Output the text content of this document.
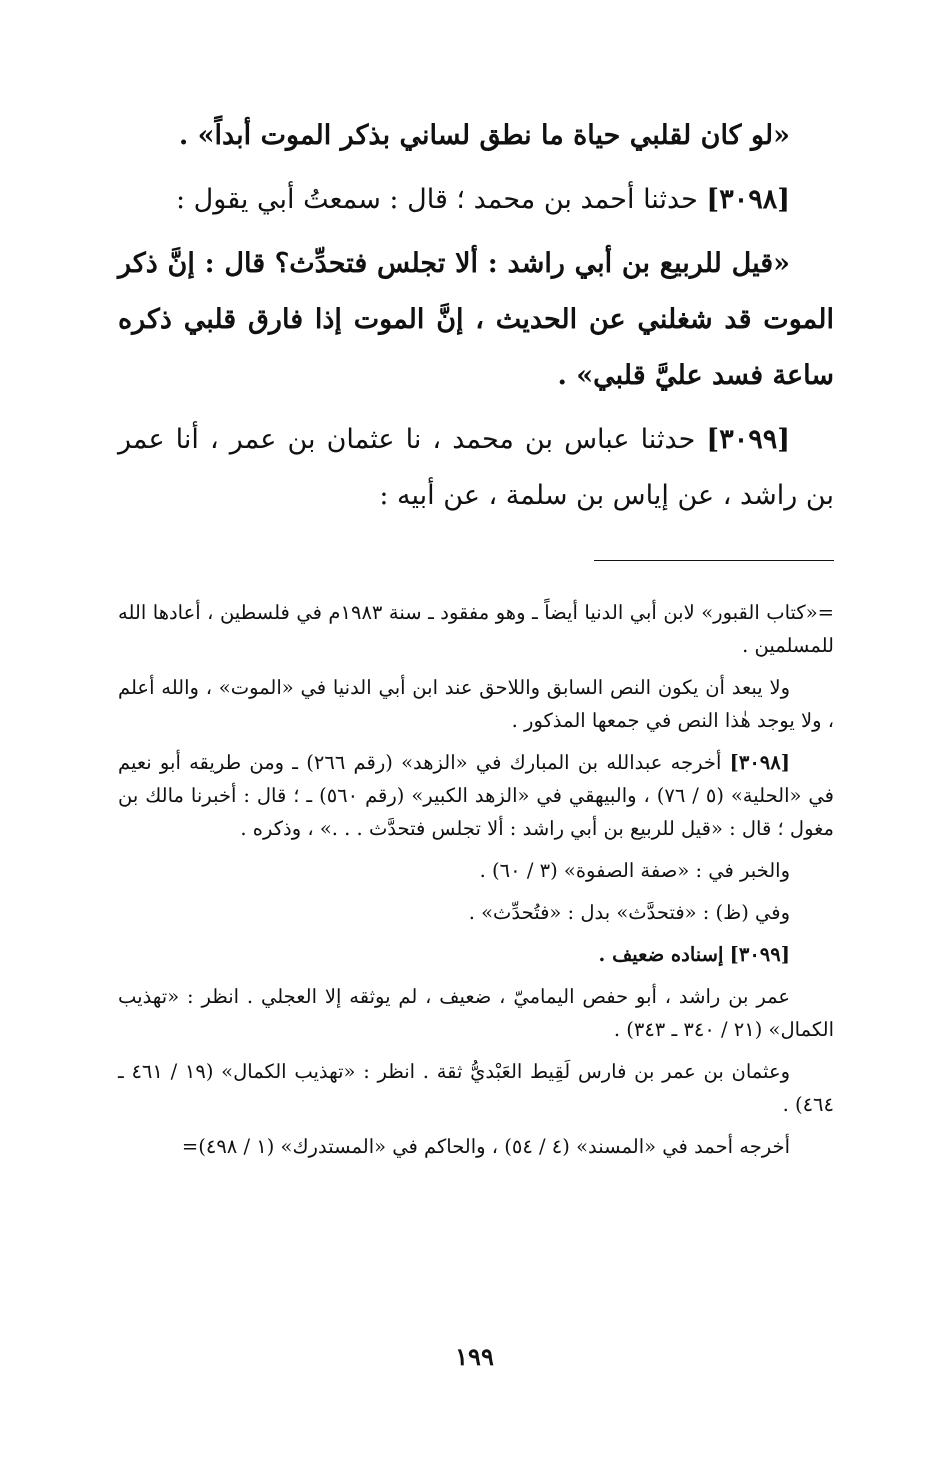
«لو كان لقلبي حياة ما نطق لساني بذكر الموت أبداً» .

[٣٠٩٨] حدثنا أحمد بن محمد ؛ قال : سمعتُ أبي يقول :

«قيل للربيع بن أبي راشد : ألا تجلس فتحدِّث؟ قال : إنَّ ذكر الموت قد شغلني عن الحديث ، إنَّ الموت إذا فارق قلبي ذكره ساعة فسد عليَّ قلبي» .

[٣٠٩٩] حدثنا عباس بن محمد ، نا عثمان بن عمر ، أنا عمر بن راشد ، عن إياس بن سلمة ، عن أبيه :

=«كتاب القبور» لابن أبي الدنيا أيضاً ـ وهو مفقود ـ سنة ١٩٨٣م في فلسطين ، أعادها الله للمسلمين .

ولا يبعد أن يكون النص السابق واللاحق عند ابن أبي الدنيا في «الموت» ، والله أعلم ، ولا يوجد هٰذا النص في جمعها المذكور .

[٣٠٩٨] أخرجه عبدالله بن المبارك في «الزهد» (رقم ٢٦٦) ـ ومن طريقه أبو نعيم في «الحلية» (٥ / ٧٦) ، والبيهقي في «الزهد الكبير» (رقم ٥٦٠) ـ ؛ قال : أخبرنا مالك بن مغول ؛ قال : «قيل للربيع بن أبي راشد : ألا تجلس فتحدَّث . . .» ، وذكره .

والخبر في : «صفة الصفوة» (٣ / ٦٠) .

وفي (ظ) : «فتحدَّث» بدل : «فتُحدِّث» .

[٣٠٩٩] إسناده ضعيف .

عمر بن راشد ، أبو حفص اليماميّ ، ضعيف ، لم يوثقه إلا العجلي . انظر : «تهذيب الكمال» (٢١ / ٣٤٠ ـ ٣٤٣) .

وعثمان بن عمر بن فارس لَقِيط العَبْديُّ ثقة . انظر : «تهذيب الكمال» (١٩ / ٤٦١ ـ ٤٦٤) .

أخرجه أحمد في «المسند» (٤ / ٥٤) ، والحاكم في «المستدرك» (١ / ٤٩٨)=

١٩٩
